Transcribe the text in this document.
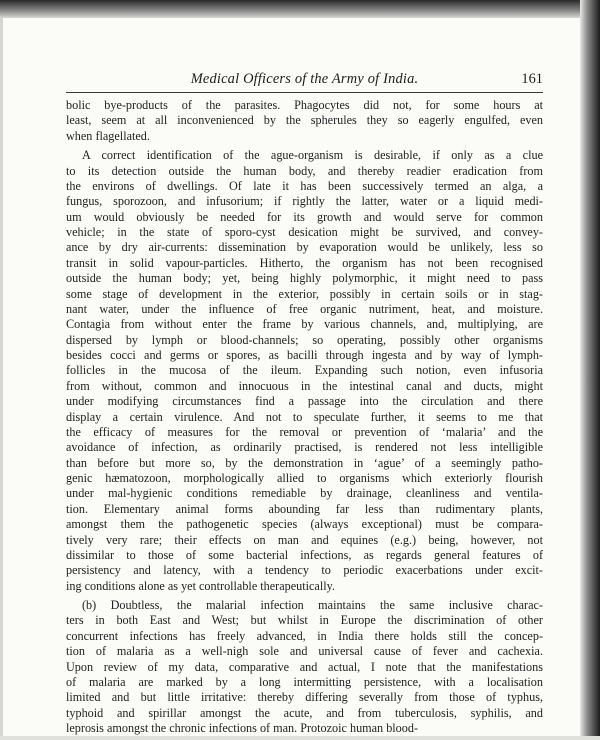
Medical Officers of the Army of India.	161
bolic bye-products of the parasites. Phagocytes did not, for some hours at
least, seem at all inconvenienced by the spherules they so eagerly engulfed, even
when flagellated.
A correct identification of the ague-organism is desirable, if only as a clue
to its detection outside the human body, and thereby readier eradication from
the environs of dwellings. Of late it has been successively termed an alga, a
fungus, sporozoon, and infusorium; if rightly the latter, water or a liquid medi-
um would obviously be needed for its growth and would serve for common
vehicle; in the state of sporo-cyst desication might be survived, and convey-
ance by dry air-currents: dissemination by evaporation would be unlikely, less so
transit in solid vapour-particles. Hitherto, the organism has not been recognised
outside the human body; yet, being highly polymorphic, it might need to pass
some stage of development in the exterior, possibly in certain soils or in stag-
nant water, under the influence of free organic nutriment, heat, and moisture.
Contagia from without enter the frame by various channels, and, multiplying, are
dispersed by lymph or blood-channels; so operating, possibly other organisms
besides cocci and germs or spores, as bacilli through ingesta and by way of lymph-
follicles in the mucosa of the ileum. Expanding such notion, even infusoria
from without, common and innocuous in the intestinal canal and ducts, might
under modifying circumstances find a passage into the circulation and there
display a certain virulence. And not to speculate further, it seems to me that
the efficacy of measures for the removal or prevention of ‘malaria’ and the
avoidance of infection, as ordinarily practised, is rendered not less intelligible
than before but more so, by the demonstration in ‘ague’ of a seemingly patho-
genic hæmatozoon, morphologically allied to organisms which exteriorly flourish
under mal-hygienic conditions remediable by drainage, cleanliness and ventila-
tion. Elementary animal forms abounding far less than rudimentary plants,
amongst them the pathogenetic species (always exceptional) must be compara-
tively very rare; their effects on man and equines (e.g.) being, however, not
dissimilar to those of some bacterial infections, as regards general features of
persistency and latency, with a tendency to periodic exacerbations under excit-
ing conditions alone as yet controllable therapeutically.
(b) Doubtless, the malarial infection maintains the same inclusive charac-
ters in both East and West; but whilst in Europe the discrimination of other
concurrent infections has freely advanced, in India there holds still the concep-
tion of malaria as a well-nigh sole and universal cause of fever and cachexia.
Upon review of my data, comparative and actual, I note that the manifestations
of malaria are marked by a long intermitting persistence, with a localisation
limited and but little irritative: thereby differing severally from those of typhus,
typhoid and spirillar amongst the acute, and from tuberculosis, syphilis, and
leprosis amongst the chronic infections of man. Protozoic human blood-
